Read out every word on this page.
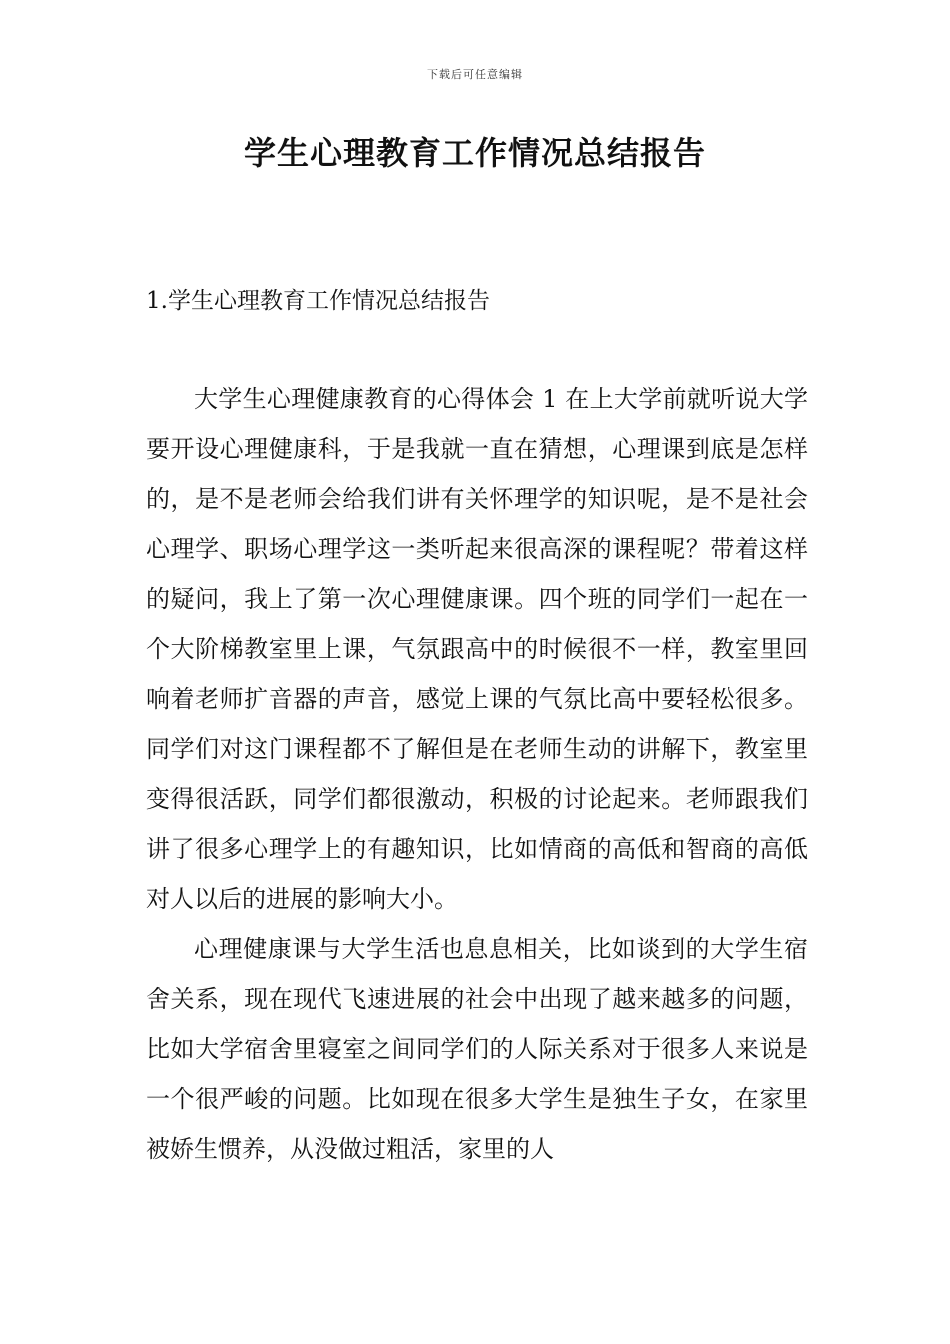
下载后可任意编辑
学生心理教育工作情况总结报告
1.学生心理教育工作情况总结报告

大学生心理健康教育的心得体会 1 在上大学前就听说大学要开设心理健康科，于是我就一直在猜想，心理课到底是怎样的，是不是老师会给我们讲有关怀理学的知识呢，是不是社会心理学、职场心理学这一类听起来很高深的课程呢？带着这样的疑问，我上了第一次心理健康课。四个班的同学们一起在一个大阶梯教室里上课，气氛跟高中的时候很不一样，教室里回响着老师扩音器的声音，感觉上课的气氛比高中要轻松很多。同学们对这门课程都不了解但是在老师生动的讲解下，教室里变得很活跃，同学们都很激动，积极的讨论起来。老师跟我们讲了很多心理学上的有趣知识，比如情商的高低和智商的高低对人以后的进展的影响大小。

心理健康课与大学生活也息息相关，比如谈到的大学生宿舍关系，现在现代飞速进展的社会中出现了越来越多的问题，比如大学宿舍里寝室之间同学们的人际关系对于很多人来说是一个很严峻的问题。比如现在很多大学生是独生子女，在家里被娇生惯养，从没做过粗活，家里的人
